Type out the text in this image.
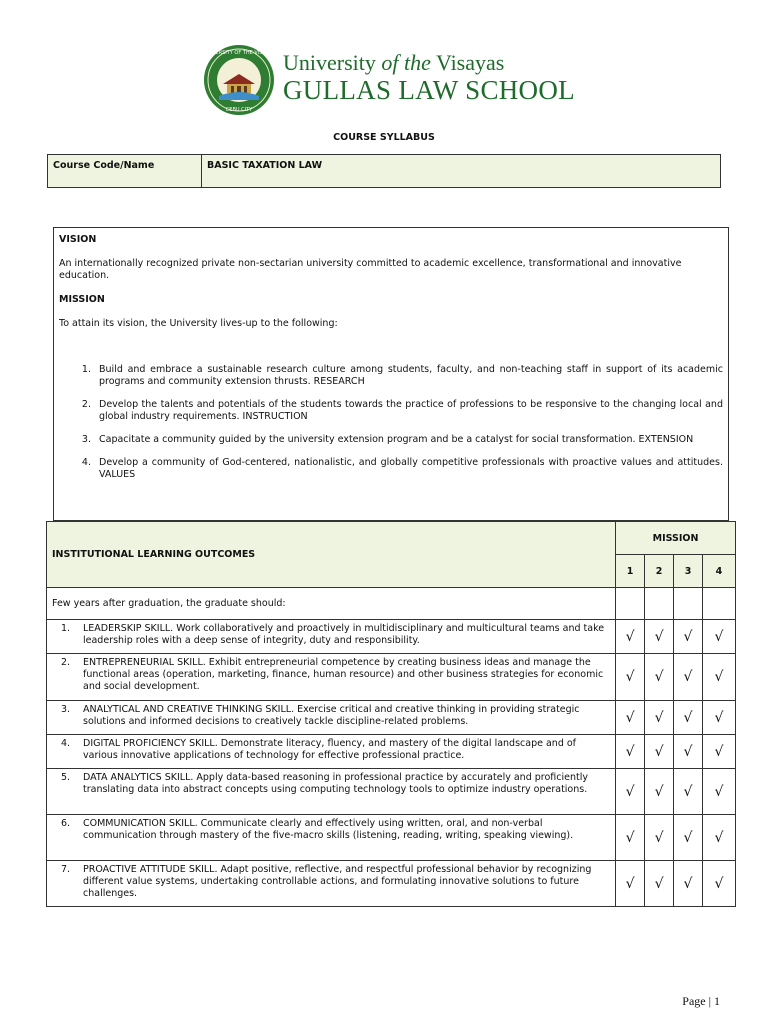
UNIVERSITY OF THE VISAYAS
CEBU CITY
University of the Visayas
GULLAS LAW SCHOOL
COURSE SYLLABUS
Course Code/Name	BASIC TAXATION LAW
VISION
An internationally recognized private non-sectarian university committed to academic excellence, transformational and innovative education.
MISSION
To attain its vision, the University lives-up to the following:
1. Build and embrace a sustainable research culture among students, faculty, and non-teaching staff in support of its academic programs and community extension thrusts. RESEARCH
2. Develop the talents and potentials of the students towards the practice of professions to be responsive to the changing local and global industry requirements. INSTRUCTION
3. Capacitate a community guided by the university extension program and be a catalyst for social transformation. EXTENSION
4. Develop a community of God-centered, nationalistic, and globally competitive professionals with proactive values and attitudes. VALUES
INSTITUTIONAL LEARNING OUTCOMES	MISSION			
	1	2	3	4
Few years after graduation, the graduate should:				
1. LEADERSKIP SKILL. Work collaboratively and proactively in multidisciplinary and multicultural teams and take leadership roles with a deep sense of integrity, duty and responsibility.	√	√	√	√
2. ENTREPRENEURIAL SKILL. Exhibit entrepreneurial competence by creating business ideas and manage the functional areas (operation, marketing, finance, human resource) and other business strategies for economic and social development.	√	√	√	√
3. ANALYTICAL AND CREATIVE THINKING SKILL. Exercise critical and creative thinking in providing strategic solutions and informed decisions to creatively tackle discipline-related problems.	√	√	√	√
4. DIGITAL PROFICIENCY SKILL. Demonstrate literacy, fluency, and mastery of the digital landscape and of various innovative applications of technology for effective professional practice.	√	√	√	√
5. DATA ANALYTICS SKILL. Apply data-based reasoning in professional practice by accurately and proficiently translating data into abstract concepts using computing technology tools to optimize industry operations.	√	√	√	√
6. COMMUNICATION SKILL. Communicate clearly and effectively using written, oral, and non-verbal communication through mastery of the five-macro skills (listening, reading, writing, speaking viewing).	√	√	√	√
7. PROACTIVE ATTITUDE SKILL. Adapt positive, reflective, and respectful professional behavior by recognizing different value systems, undertaking controllable actions, and formulating innovative solutions to future challenges.	√	√	√	√
Page | 1
